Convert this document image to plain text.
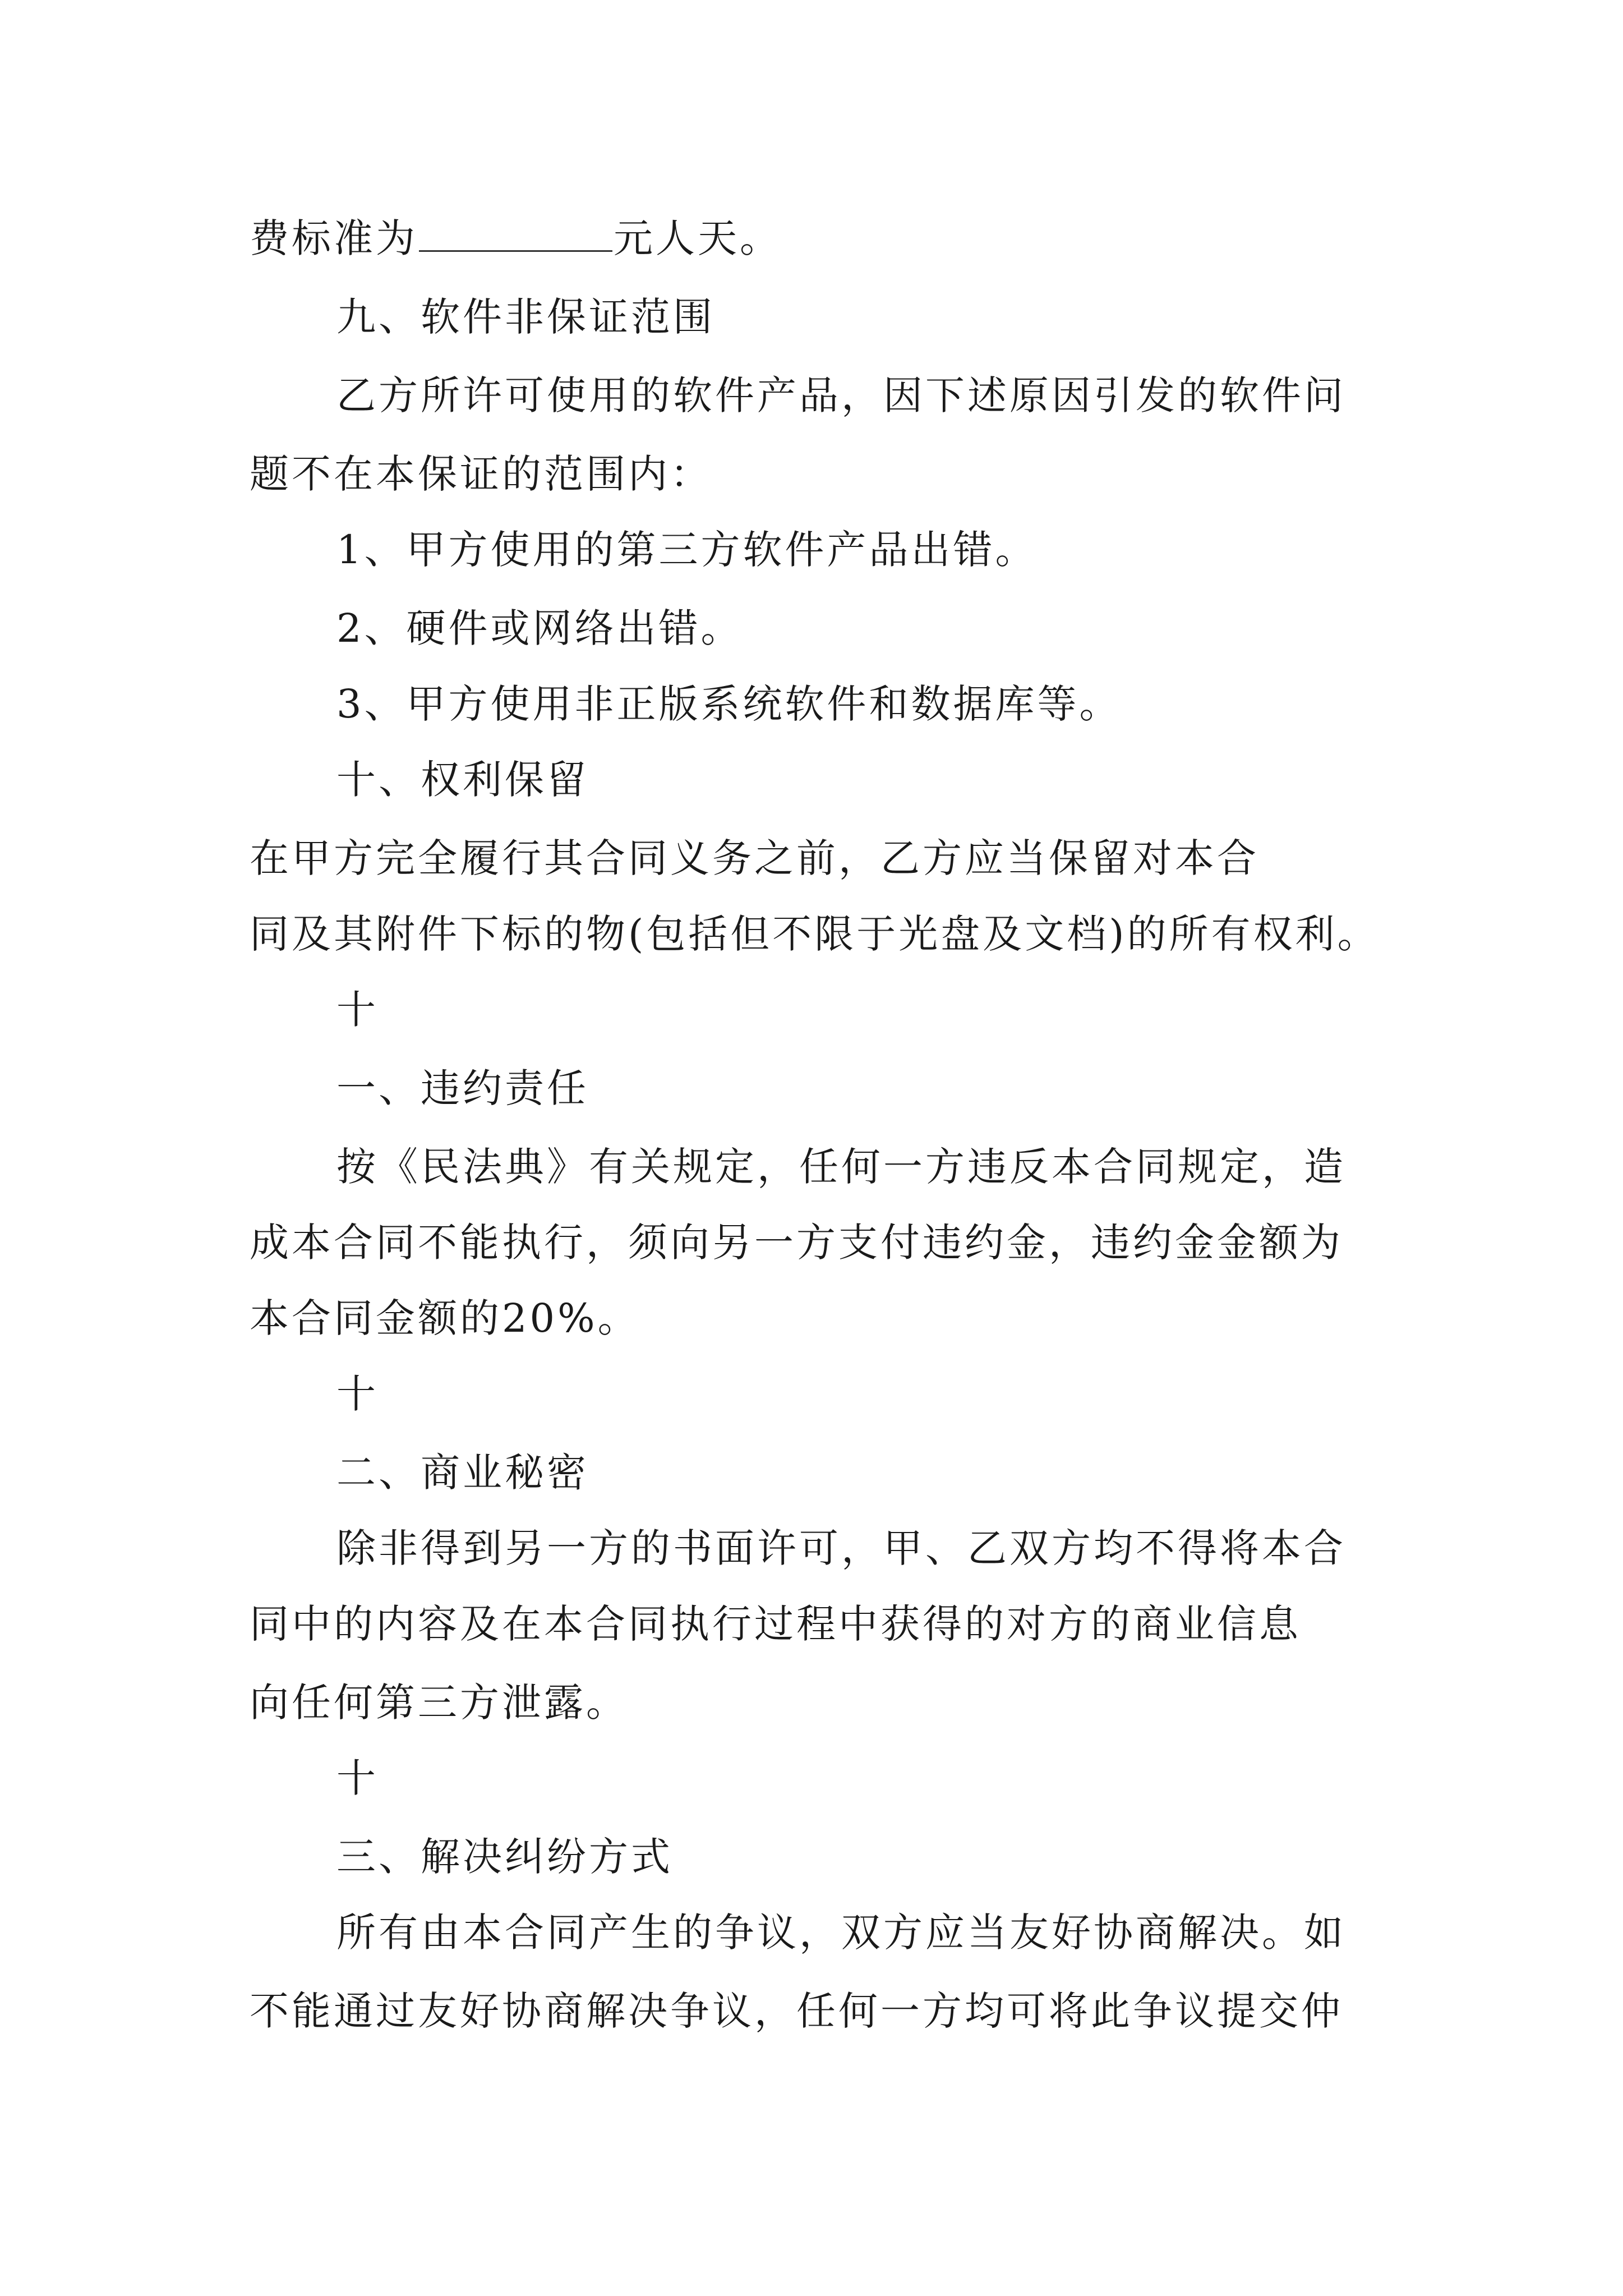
费标准为	元人天。
九、软件非保证范围
乙方所许可使用的软件产品，因下述原因引发的软件问
题不在本保证的范围内：
1、甲方使用的第三方软件产品出错。
2、硬件或网络出错。
3、甲方使用非正版系统软件和数据库等。
十、权利保留
在甲方完全履行其合同义务之前，乙方应当保留对本合
同及其附件下标的物(包括但不限于光盘及文档)的所有权利。
十
一、违约责任
按《民法典》有关规定，任何一方违反本合同规定，造
成本合同不能执行，须向另一方支付违约金，违约金金额为
本合同金额的20%。
十
二、商业秘密
除非得到另一方的书面许可，甲、乙双方均不得将本合
同中的内容及在本合同执行过程中获得的对方的商业信息
向任何第三方泄露。
十
三、解决纠纷方式
所有由本合同产生的争议，双方应当友好协商解决。如
不能通过友好协商解决争议，任何一方均可将此争议提交仲
